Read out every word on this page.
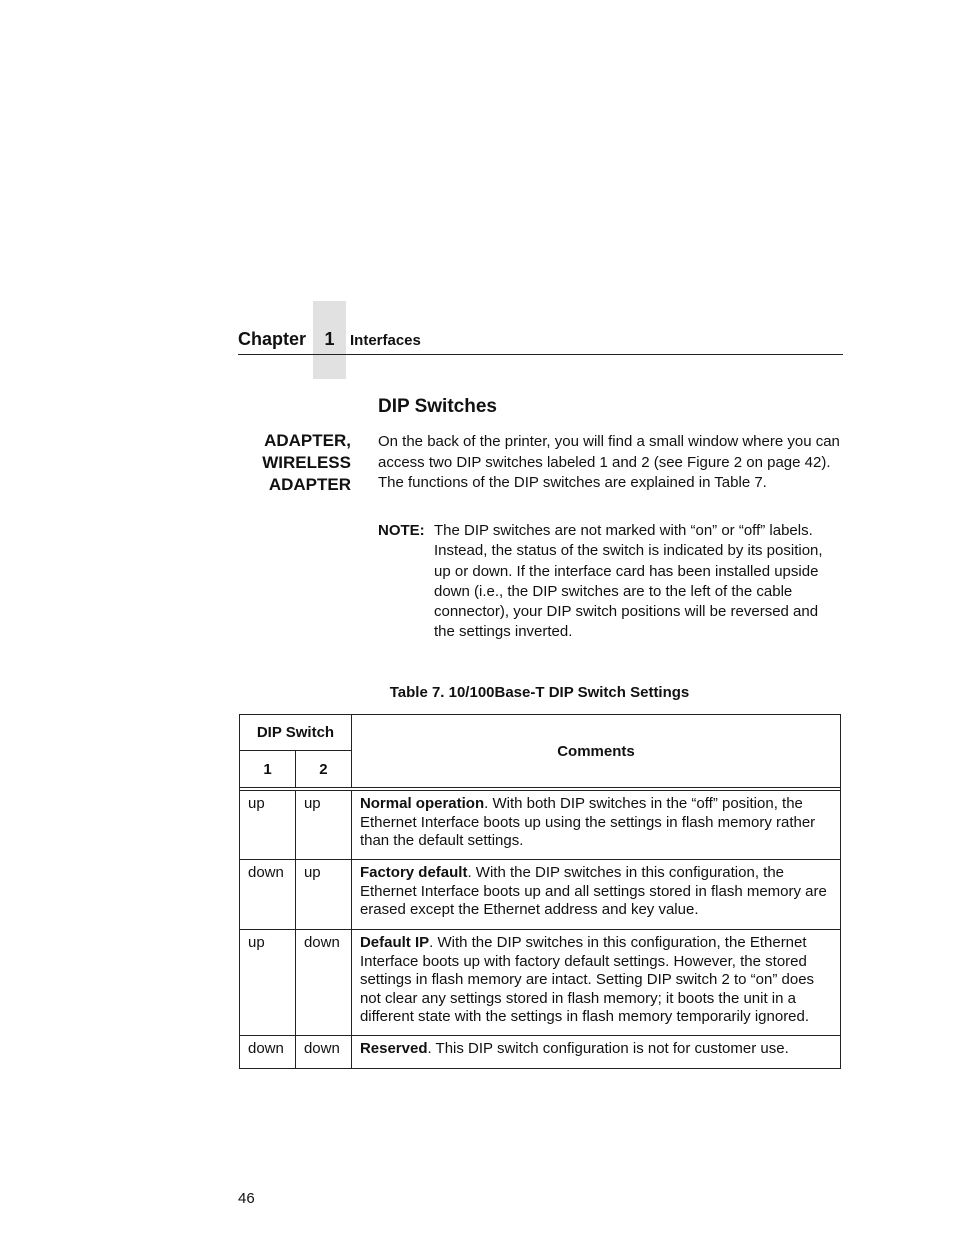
Chapter	1	Interfaces
DIP Switches
ADAPTER,
WIRELESS
ADAPTER

On the back of the printer, you will find a small window where you can access two DIP switches labeled 1 and 2 (see Figure 2 on page 42). The functions of the DIP switches are explained in Table 7.

NOTE: The DIP switches are not marked with “on” or “off” labels. Instead, the status of the switch is indicated by its position, up or down. If the interface card has been installed upside down (i.e., the DIP switches are to the left of the cable connector), your DIP switch positions will be reversed and the settings inverted.

Table 7. 10/100Base-T DIP Switch Settings
DIP Switch		Comments
1	2	

up	up	Normal operation. With both DIP switches in the “off” position, the Ethernet Interface boots up using the settings in flash memory rather than the default settings.
down	up	Factory default. With the DIP switches in this configuration, the Ethernet Interface boots up and all settings stored in flash memory are erased except the Ethernet address and key value.
up	down	Default IP. With the DIP switches in this configuration, the Ethernet Interface boots up with factory default settings. However, the stored settings in flash memory are intact. Setting DIP switch 2 to “on” does not clear any settings stored in flash memory; it boots the unit in a different state with the settings in flash memory temporarily ignored.
down	down	Reserved. This DIP switch configuration is not for customer use.
46
